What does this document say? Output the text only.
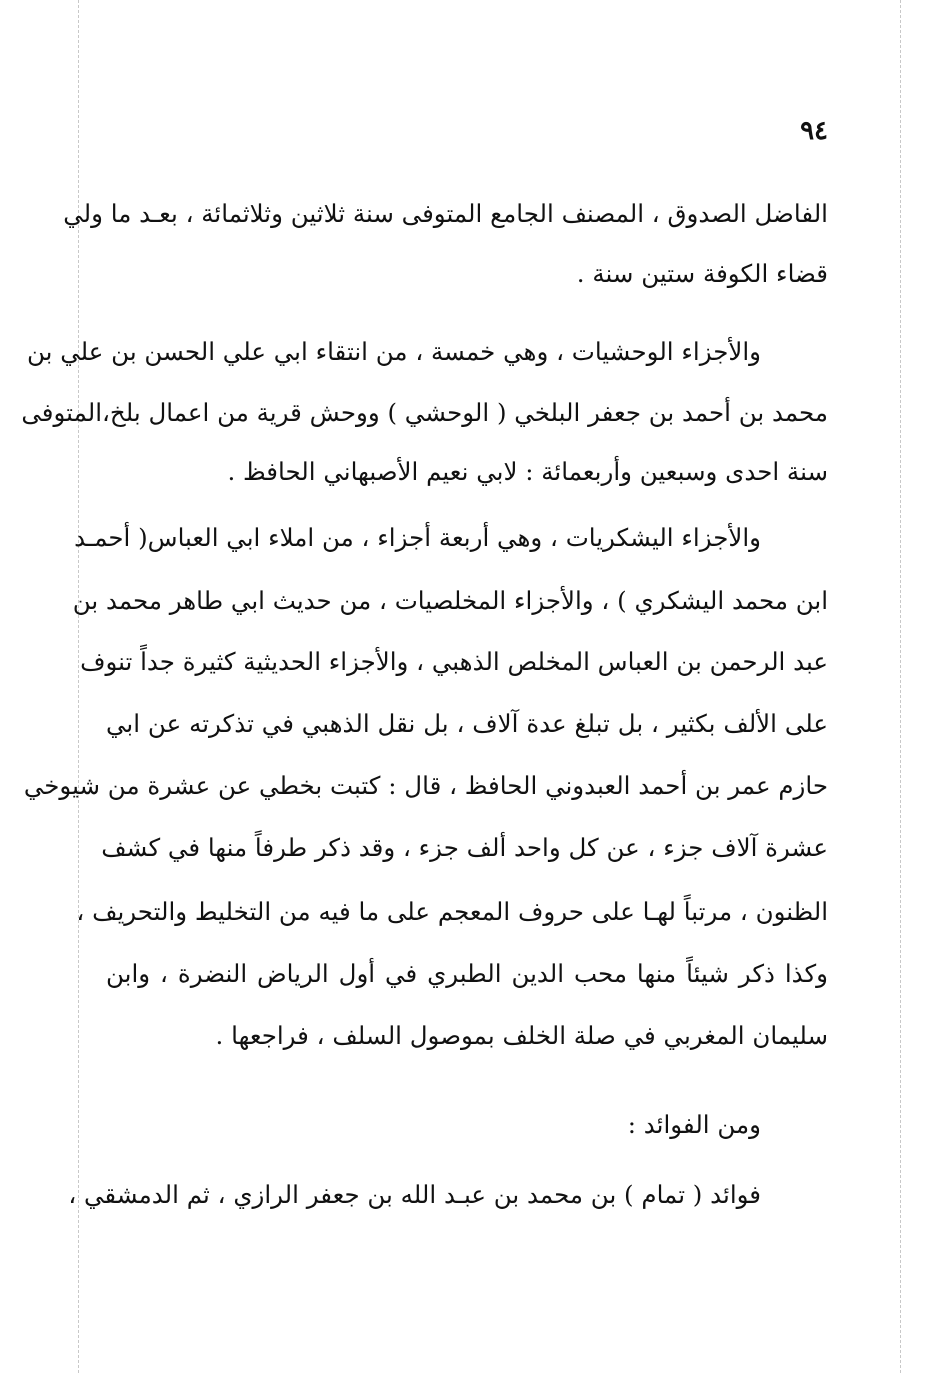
٩٤
الفاضل الصدوق ، المصنف الجامع المتوفى سنة ثلاثين وثلاثمائة ، بعـد ما ولي
قضاء الكوفة ستين سنة .
والأجزاء الوحشيات ، وهي خمسة ، من انتقاء ابي علي الحسن بن علي بن
محمد بن أحمد بن جعفر البلخي ( الوحشي ) ووحش قرية من اعمال بلخ،المتوفى
سنة احدى وسبعين وأربعمائة : لابي نعيم الأصبهاني الحافظ .
والأجزاء اليشكريات ، وهي أربعة أجزاء ، من املاء ابي العباس( أحمـد
ابن محمد اليشكري ) ، والأجزاء المخلصيات ، من حديث ابي طاهر محمد بن
عبد الرحمن بن العباس المخلص الذهبي ، والأجزاء الحديثية كثيرة جداً تنوف
على الألف بكثير ، بل تبلغ عدة آلاف ، بل نقل الذهبي في تذكرته عن ابي
حازم عمر بن أحمد العبدوني الحافظ ، قال : كتبت بخطي عن عشرة من شيوخي
عشرة آلاف جزء ، عن كل واحد ألف جزء ، وقد ذكر طرفاً منها في كشف
الظنون ، مرتباً لهـا على حروف المعجم على ما فيه من التخليط والتحريف ،
وكذا ذكر شيئاً منها محب الدين الطبري في أول الرياض النضرة ، وابن
سليمان المغربي في صلة الخلف بموصول السلف ، فراجعها .
ومن الفوائد :
فوائد ( تمام ) بن محمد بن عبـد الله بن جعفر الرازي ، ثم الدمشقي ،
